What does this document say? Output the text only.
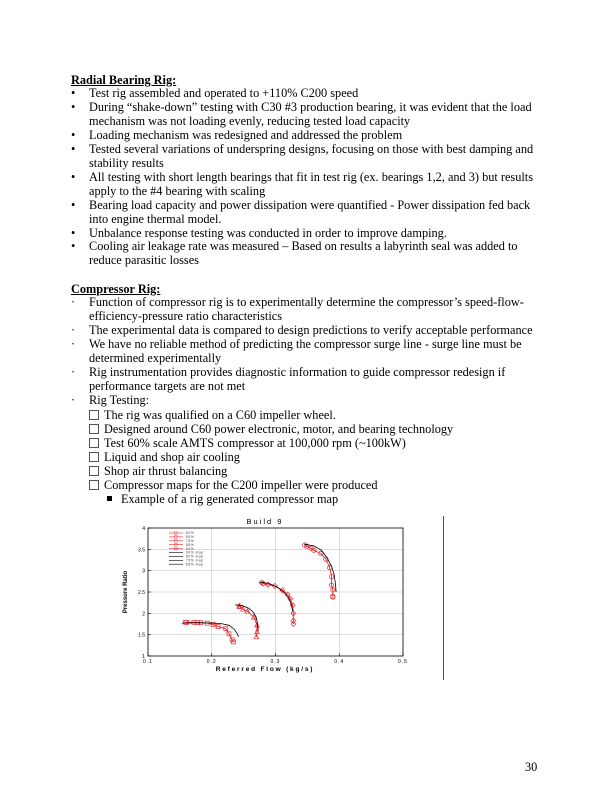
Radial Bearing Rig:
•	Test rig assembled and operated to +110% C200 speed
•	During “shake-down” testing with C30 #3 production bearing, it was evident that the load mechanism was not loading evenly, reducing tested load capacity
•	Loading mechanism was redesigned and addressed the problem
•	Tested several variations of underspring designs, focusing on those with best damping and stability results
•	All testing with short length bearings that fit in test rig (ex. bearings 1,2, and 3) but results apply to the #4 bearing with scaling
•	Bearing load capacity and power dissipation were quantified - Power dissipation fed back into engine thermal model.
•	Unbalance response testing was conducted in order to improve damping.
•	Cooling air leakage rate was measured – Based on results a labyrinth seal was added to reduce parasitic losses
Compressor Rig:
·	Function of compressor rig is to experimentally determine the compressor’s speed-flow-efficiency-pressure ratio characteristics
·	The experimental data is compared to design predictions to verify acceptable performance
·	We have no reliable method of predicting the compressor surge line - surge line must be determined experimentally
·	Rig instrumentation provides diagnostic information to guide compressor redesign if performance targets are not met
·	Rig Testing:
The rig was qualified on a C60 impeller wheel.
Designed around C60 power electronic, motor, and bearing technology
Test 60% scale AMTS compressor at 100,000 rpm (~100kW)
Liquid and shop air cooling
Shop air thrust balancing
Compressor maps for the C200 impeller were produced
Example of a rig generated compressor map
60%
65%
75%
85%
90%
60% map
80% map
75% map
85% map
0.1	0.2	0.3	0.4	0.5
1
1.5
2
2.5
3
3.5
4
Build 9
Referred Flow (kg/s)
Pressure Ratio
30
